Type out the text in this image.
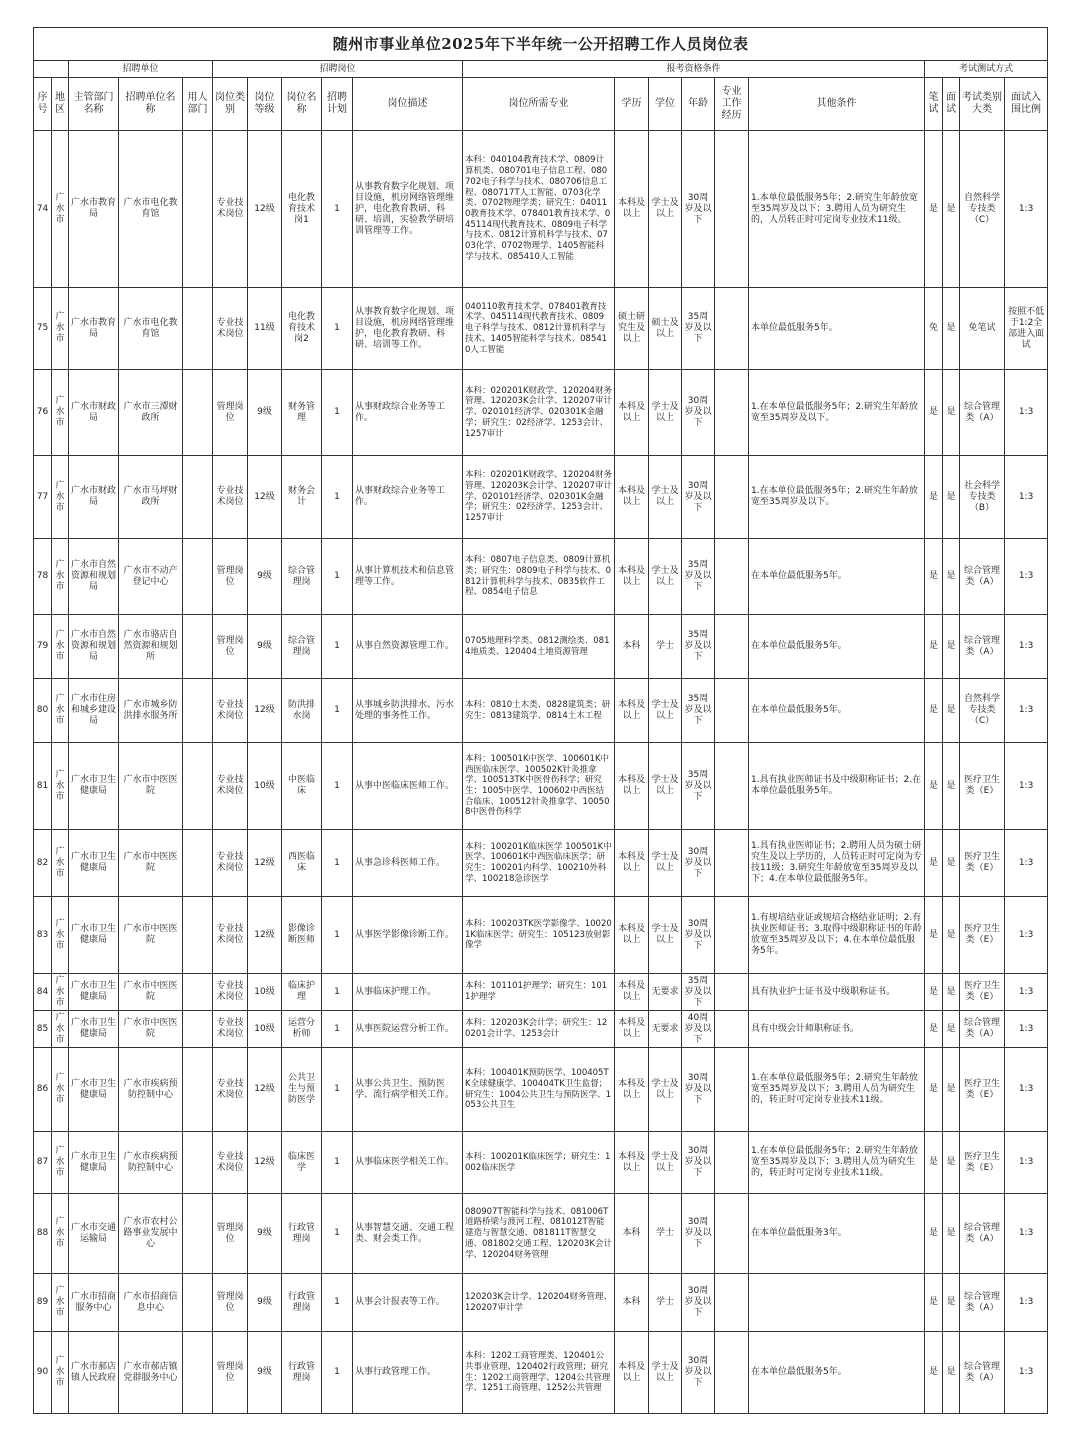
随州市事业单位2025年下半年统一公开招聘工作人员岗位表																			
		招聘单位			招聘岗位					报考资格条件						考试测试方式			
序号	地区	主管部门名称	招聘单位名称	用人部门	岗位类别	岗位等级	岗位名称	招聘计划	岗位描述	岗位所需专业	学历	学位	年龄	专业工作经历	其他条件	笔试	面试	考试类别大类	面试入围比例
74	广水市	广水市教育局	广水市电化教育馆		专业技术岗位	12级	电化教育技术岗1	1	从事教育数字化规划、项目设施，机房网络管理维护，电化教育教研、科研、培训，实验教学研培训管理等工作。	本科：040104教育技术学、0809计算机类、080701电子信息工程、080702电子科学与技术、080706信息工程、080717T人工智能、0703化学类、0702物理学类；研究生：040110教育技术学、078401教育技术学、045114现代教育技术、0809电子科学与技术、0812计算机科学与技术、0703化学、0702物理学、1405智能科学与技术、085410人工智能	本科及以上	学士及以上	30周岁及以下		1.本单位最低服务5年；2.研究生年龄放宽至35周岁及以下；3.聘用人员为研究生的，人员转正时可定岗专业技术11级。	是	是	自然科学专技类（C）	1:3
75	广水市	广水市教育局	广水市电化教育馆		专业技术岗位	11级	电化教育技术岗2	1	从事教育数字化规划、项目设施，机房网络管理维护，电化教育教研、科研、培训等工作。	040110教育技术学、078401教育技术学、045114现代教育技术、0809电子科学与技术、0812计算机科学与技术、1405智能科学与技术、085410人工智能	硕士研究生及以上	硕士及以上	35周岁及以下		本单位最低服务5年。	免	是	免笔试	按照不低于1:2全部进入面试
76	广水市	广水市财政局	广水市三潭财政所		管理岗位	9级	财务管理	1	从事财政综合业务等工作。	本科：020201K财政学、120204财务管理、120203K会计学、120207审计学、020101经济学、020301K金融学；研究生：02经济学、1253会计、1257审计	本科及以上	学士及以上	30周岁及以下		1.在本单位最低服务5年；2.研究生年龄放宽至35周岁及以下。	是	是	综合管理类（A）	1:3
77	广水市	广水市财政局	广水市马坪财政所		专业技术岗位	12级	财务会计	1	从事财政综合业务等工作。	本科：020201K财政学、120204财务管理、120203K会计学、120207审计学、020101经济学、020301K金融学；研究生：02经济学、1253会计、1257审计	本科及以上	学士及以上	30周岁及以下		1.在本单位最低服务5年；2.研究生年龄放宽至35周岁及以下。	是	是	社会科学专技类（B）	1:3
78	广水市	广水市自然资源和规划局	广水市不动产登记中心		管理岗位	9级	综合管理岗	1	从事计算机技术和信息管理等工作。	本科：0807电子信息类、0809计算机类；研究生：0809电子科学与技术、0812计算机科学与技术、0835软件工程、0854电子信息	本科及以上	学士及以上	35周岁及以下		在本单位最低服务5年。	是	是	综合管理类（A）	1:3
79	广水市	广水市自然资源和规划局	广水市骆店自然资源和规划所		管理岗位	9级	综合管理岗	1	从事自然资源管理工作。	0705地理科学类、0812测绘类、0814地质类、120404土地资源管理	本科	学士	35周岁及以下		在本单位最低服务5年。	是	是	综合管理类（A）	1:3
80	广水市	广水市住房和城乡建设局	广水市城乡防洪排水服务所		专业技术岗位	12级	防洪排水岗	1	从事城乡防洪排水、污水处理的事务性工作。	本科：0810土木类、0828建筑类；研究生：0813建筑学、0814土木工程	本科及以上	学士及以上	35周岁及以下		在本单位最低服务5年。	是	是	自然科学专技类（C）	1:3
81	广水市	广水市卫生健康局	广水市中医医院		专业技术岗位	10级	中医临床	1	从事中医临床医师工作。	本科：100501K中医学、100601K中西医临床医学、100502K针灸推拿学、100513TK中医骨伤科学；研究生：1005中医学、100602中西医结合临床、100512针灸推拿学、100508中医骨伤科学	本科及以上	学士及以上	35周岁及以下		1.具有执业医师证书及中级职称证书；2.在本单位最低服务5年。	是	是	医疗卫生类（E）	1:3
82	广水市	广水市卫生健康局	广水市中医医院		专业技术岗位	12级	西医临床	1	从事急诊科医师工作。	本科：100201K临床医学 100501K中医学、100601K中西医临床医学；研究生：100201内科学、100210外科学、100218急诊医学	本科及以上	学士及以上	30周岁及以下		1.具有执业医师证书；2.聘用人员为硕士研究生及以上学历的，人员转正时可定岗为专技11级；3.研究生年龄放宽至35周岁及以下；4.在本单位最低服务5年。	是	是	医疗卫生类（E）	1:3
83	广水市	广水市卫生健康局	广水市中医医院		专业技术岗位	12级	影像诊断医师	1	从事医学影像诊断工作。	本科：100203TK医学影像学、100201K临床医学；研究生：105123放射影像学	本科及以上	学士及以上	30周岁及以下		1.有规培结业证或规培合格结业证明；2.有执业医师证书；3.取得中级职称证书的年龄放宽至35周岁及以下；4.在本单位最低服务5年。	是	是	医疗卫生类（E）	1:3
84	广水市	广水市卫生健康局	广水市中医医院		专业技术岗位	10级	临床护理	1	从事临床护理工作。	本科：101101护理学；研究生：1011护理学	本科及以上	无要求	35周岁及以下		具有执业护士证书及中级职称证书。	是	是	医疗卫生类（E）	1:3
85	广水市	广水市卫生健康局	广水市中医医院		专业技术岗位	10级	运营分析师	1	从事医院运营分析工作。	本科：120203K会计学；研究生：120201会计学、1253会计	本科及以上	无要求	40周岁及以下		具有中级会计师职称证书。	是	是	综合管理类（A）	1:3
86	广水市	广水市卫生健康局	广水市疾病预防控制中心		专业技术岗位	12级	公共卫生与预防医学	1	从事公共卫生、预防医学、流行病学相关工作。	本科：100401K预防医学、100405TK全球健康学、100404TK卫生监督；研究生：1004公共卫生与预防医学、1053公共卫生	本科及以上	学士及以上	30周岁及以下		1.在本单位最低服务5年；2.研究生年龄放宽至35周岁及以下；3.聘用人员为研究生的，转正时可定岗专业技术11级。	是	是	医疗卫生类（E）	1:3
87	广水市	广水市卫生健康局	广水市疾病预防控制中心		专业技术岗位	12级	临床医学	1	从事临床医学相关工作。	本科：100201K临床医学；研究生：1002临床医学	本科及以上	学士及以上	30周岁及以下		1.在本单位最低服务5年；2.研究生年龄放宽至35周岁及以下；3.聘用人员为研究生的，转正时可定岗专业技术11级。	是	是	医疗卫生类（E）	1:3
88	广水市	广水市交通运输局	广水市农村公路事业发展中心		管理岗位	9级	行政管理岗	1	从事智慧交通、交通工程类、财会类工作。	080907T智能科学与技术、081006T道路桥梁与渡河工程、081012T智能建造与智慧交通、081811T智慧交通、081802交通工程、120203K会计学、120204财务管理	本科	学士	30周岁及以下		在本单位最低服务3年。	是	是	综合管理类（A）	1:3
89	广水市	广水市招商服务中心	广水市招商信息中心		管理岗位	9级	行政管理岗	1	从事会计报表等工作。	120203K会计学、120204财务管理、120207审计学	本科	学士	30周岁及以下			是	是	综合管理类（A）	1:3
90	广水市	广水市郝店镇人民政府	广水市郝店镇党群服务中心		管理岗位	9级	行政管理岗	1	从事行政管理工作。	本科：1202工商管理类、120401公共事业管理、120402行政管理；研究生：1202工商管理学、1204公共管理学、1251工商管理、1252公共管理	本科及以上	学士及以上	30周岁及以下		在本单位最低服务5年。	是	是	综合管理类（A）	1:3
